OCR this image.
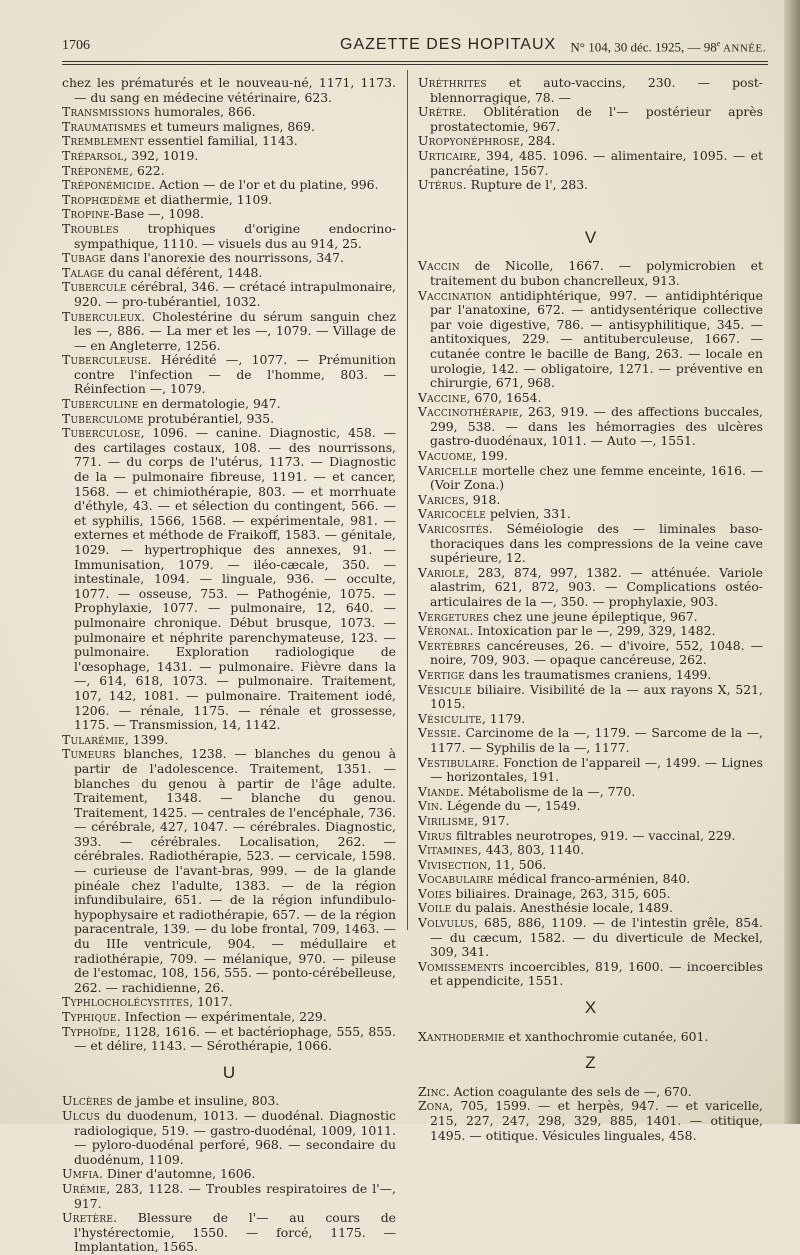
1706	GAZETTE DES HOPITAUX N° 104, 30 déc. 1925, — 98e ANNÉE.
chez les prématurés et le nouveau-né, 1171, 1173. — du sang en médecine vétérinaire, 623.
Transmissions humorales, 866.
Traumatismes et tumeurs malignes, 869.
Tremblement essentiel familial, 1143.
Tréparsol, 392, 1019.
Tréponème, 622.
Tréponémicide. Action — de l'or et du platine, 996.
Trophœdème et diathermie, 1109.
Tropine-Base —, 1098.
Troubles trophiques d'origine endocrino-sympathique, 1110. — visuels dus au 914, 25.
Tubage dans l'anorexie des nourrissons, 347.
Talage du canal déférent, 1448.
Tubercule cérébral, 346. — crétacé intrapulmonaire, 920. — pro-tubérantiel, 1032.
Tuberculeux. Cholestérine du sérum sanguin chez les —, 886. — La mer et les —, 1079. — Village de — en Angleterre, 1256.
Tuberculeuse. Hérédité —, 1077. — Prémunition contre l'infection — de l'homme, 803. — Réinfection —, 1079.
Tuberculine en dermatologie, 947.
Tuberculome protubérantiel, 935.
Tuberculose, 1096. — canine. Diagnostic, 458. — des cartilages costaux, 108. — des nourrissons, 771. — du corps de l'utérus, 1173. — Diagnostic de la — pulmonaire fibreuse, 1191. — et cancer, 1568. — et chimiothérapie, 803. — et morrhuate d'éthyle, 43. — et sélection du contingent, 566. — et syphilis, 1566, 1568. — expérimentale, 981. — externes et méthode de Fraikoff, 1583. — génitale, 1029. — hypertrophique des annexes, 91. — Immunisation, 1079. — iléo-cæcale, 350. — intestinale, 1094. — linguale, 936. — occulte, 1077. — osseuse, 753. — Pathogénie, 1075. — Prophylaxie, 1077. — pulmonaire, 12, 640. — pulmonaire chronique. Début brusque, 1073. — pulmonaire et néphrite parenchymateuse, 123. — pulmonaire. Exploration radiologique de l'œsophage, 1431. — pulmonaire. Fièvre dans la —, 614, 618, 1073. — pulmonaire. Traitement, 107, 142, 1081. — pulmonaire. Traitement iodé, 1206. — rénale, 1175. — rénale et grossesse, 1175. — Transmission, 14, 1142.
Tularémie, 1399.
Tumeurs blanches, 1238. — blanches du genou à partir de l'adolescence. Traitement, 1351. — blanches du genou à partir de l'âge adulte. Traitement, 1348. — blanche du genou. Traitement, 1425. — centrales de l'encéphale, 736. — cérébrale, 427, 1047. — cérébrales. Diagnostic, 393. — cérébrales. Localisation, 262. — cérébrales. Radiothérapie, 523. — cervicale, 1598. — curieuse de l'avant-bras, 999. — de la glande pinéale chez l'adulte, 1383. — de la région infundibulaire, 651. — de la région infundibulo-hypophysaire et radiothérapie, 657. — de la région paracentrale, 139. — du lobe frontal, 709, 1463. — du IIIe ventricule, 904. — médullaire et radiothérapie, 709. — mélanique, 970. — pileuse de l'estomac, 108, 156, 555. — ponto-cérébelleuse, 262. — rachidienne, 26.
Typhlocholécystites, 1017.
Typhique. Infection — expérimentale, 229.
Typhoïde, 1128, 1616. — et bactériophage, 555, 855. — et délire, 1143. — Sérothérapie, 1066.
U
Ulcères de jambe et insuline, 803.
Ulcus du duodenum, 1013. — duodénal. Diagnostic radiologique, 519. — gastro-duodénal, 1009, 1011. — pyloro-duodénal perforé, 968. — secondaire du duodénum, 1109.
Umfia. Diner d'automne, 1606.
Urémie, 283, 1128. — Troubles respiratoires de l'—, 917.
Uretère. Blessure de l'— au cours de l'hystérectomie, 1550. — forcé, 1175. — Implantation, 1565.
Uréthrites et auto-vaccins, 230. — post-blennorragique, 78. —
Urètre. Oblitération de l'— postérieur après prostatectomie, 967.
Uropyonéphrose, 284.
Urticaire, 394, 485. 1096. — alimentaire, 1095. — et pancréatine, 1567.
Utérus. Rupture de l', 283.
V
Vaccin de Nicolle, 1667. — polymicrobien et traitement du bubon chancrelleux, 913.
Vaccination antidiphtérique, 997. — antidiphtérique par l'anatoxine, 672. — antidysentérique collective par voie digestive, 786. — antisyphilitique, 345. — antitoxiques, 229. — antituberculeuse, 1667. — cutanée contre le bacille de Bang, 263. — locale en urologie, 142. — obligatoire, 1271. — préventive en chirurgie, 671, 968.
Vaccine, 670, 1654.
Vaccinothérapie, 263, 919. — des affections buccales, 299, 538. — dans les hémorragies des ulcères gastro-duodénaux, 1011. — Auto —, 1551.
Vacuome, 199.
Varicelle mortelle chez une femme enceinte, 1616. — (Voir Zona.)
Varices, 918.
Varicocèle pelvien, 331.
Varicosités. Séméiologie des — liminales baso-thoraciques dans les compressions de la veine cave supérieure, 12.
Variole, 283, 874, 997, 1382. — atténuée. Variole alastrim, 621, 872, 903. — Complications ostéo-articulaires de la —, 350. — prophylaxie, 903.
Vergetures chez une jeune épileptique, 967.
Véronal. Intoxication par le —, 299, 329, 1482.
Vertèbres cancéreuses, 26. — d'ivoire, 552, 1048. — noire, 709, 903. — opaque cancéreuse, 262.
Vertige dans les traumatismes craniens, 1499.
Vésicule biliaire. Visibilité de la — aux rayons X, 521, 1015.
Vésiculite, 1179.
Vessie. Carcinome de la —, 1179. — Sarcome de la —, 1177. — Syphilis de la —, 1177.
Vestibulaire. Fonction de l'appareil —, 1499. — Lignes — horizontales, 191.
Viande. Métabolisme de la —, 770.
Vin. Légende du —, 1549.
Virilisme, 917.
Virus filtrables neurotropes, 919. — vaccinal, 229.
Vitamines, 443, 803, 1140.
Vivisection, 11, 506.
Vocabulaire médical franco-arménien, 840.
Voies biliaires. Drainage, 263, 315, 605.
Voile du palais. Anesthésie locale, 1489.
Volvulus, 685, 886, 1109. — de l'intestin grêle, 854. — du cæcum, 1582. — du diverticule de Meckel, 309, 341.
Vomissements incoercibles, 819, 1600. — incoercibles et appendicite, 1551.
X
Xanthodermie et xanthochromie cutanée, 601.
Z
Zinc. Action coagulante des sels de —, 670.
Zona, 705, 1599. — et herpès, 947. — et varicelle, 215, 227, 247, 298, 329, 885, 1401. — otitique, 1495. — otitique. Vésicules linguales, 458.
